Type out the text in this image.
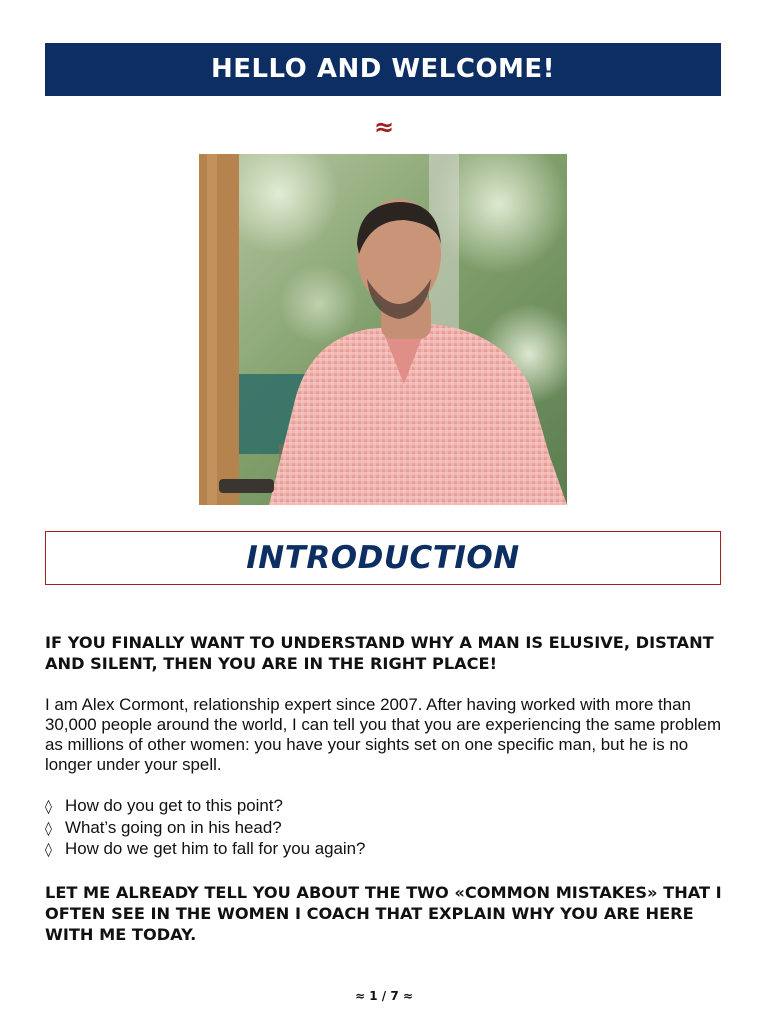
HELLO AND WELCOME!
≈
INTRODUCTION

IF YOU FINALLY WANT TO UNDERSTAND WHY A MAN IS ELUSIVE, DISTANT AND SILENT, THEN YOU ARE IN THE RIGHT PLACE!

I am Alex Cormont, relationship expert since 2007. After having worked with more than 30,000 people around the world, I can tell you that you are experiencing the same problem as millions of other women: you have your sights set on one specific man, but he is no longer under your spell.

◊ How do you get to this point?
◊ What’s going on in his head?
◊ How do we get him to fall for you again?

LET ME ALREADY TELL YOU ABOUT THE TWO «COMMON MISTAKES» THAT I OFTEN SEE IN THE WOMEN I COACH THAT EXPLAIN WHY YOU ARE HERE WITH ME TODAY.

≈ 1 / 7 ≈
